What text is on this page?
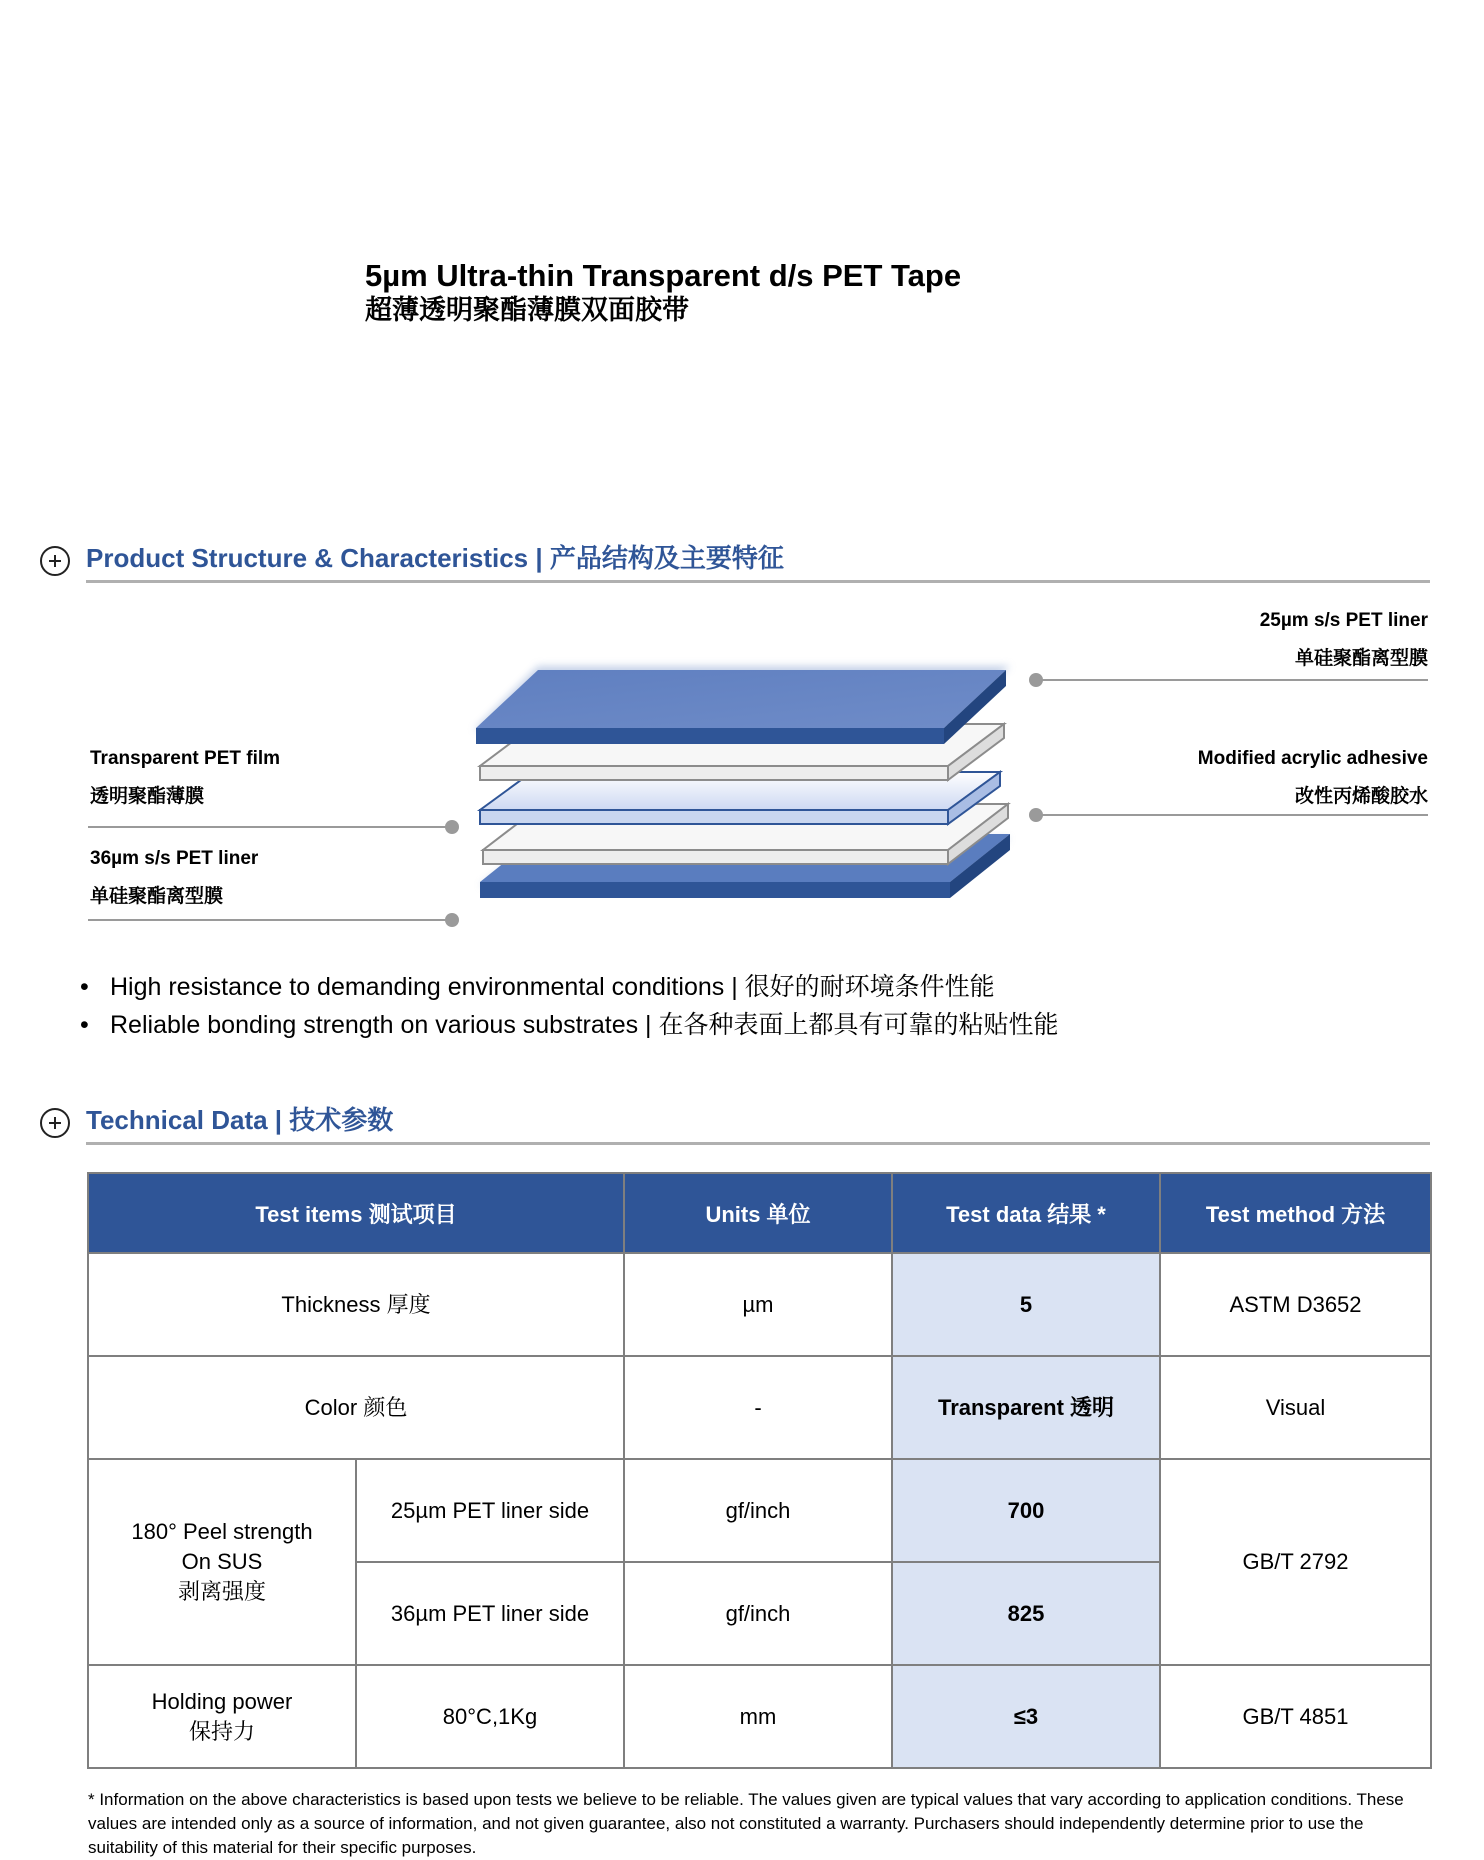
5µm Ultra-thin Transparent d/s PET Tape
超薄透明聚酯薄膜双面胶带
Product Structure & Characteristics | 产品结构及主要特征
25µm s/s PET liner
单硅聚酯离型膜
Modified acrylic adhesive
改性丙烯酸胶水
Transparent PET film
透明聚酯薄膜
36µm s/s PET liner
单硅聚酯离型膜
• High resistance to demanding environmental conditions | 很好的耐环境条件性能
• Reliable bonding strength on various substrates | 在各种表面上都具有可靠的粘贴性能
Technical Data | 技术参数
Test items 测试项目		Units 单位	Test data 结果 *	Test method 方法
Thickness 厚度		µm	5	ASTM D3652
Color 颜色		-	Transparent 透明	Visual

180° Peel strength
On SUS
剥离强度	25µm PET liner side	gf/inch	700	GB/T 2792
	36µm PET liner side	gf/inch	825	

Holding power
保持力	80°C,1Kg	mm	≤3	GB/T 4851
* Information on the above characteristics is based upon tests we believe to be reliable. The values given are typical values that vary according to application conditions. These values are intended only as a source of information, and not given guarantee, also not constituted a warranty. Purchasers should independently determine prior to use the suitability of this material for their specific purposes.
